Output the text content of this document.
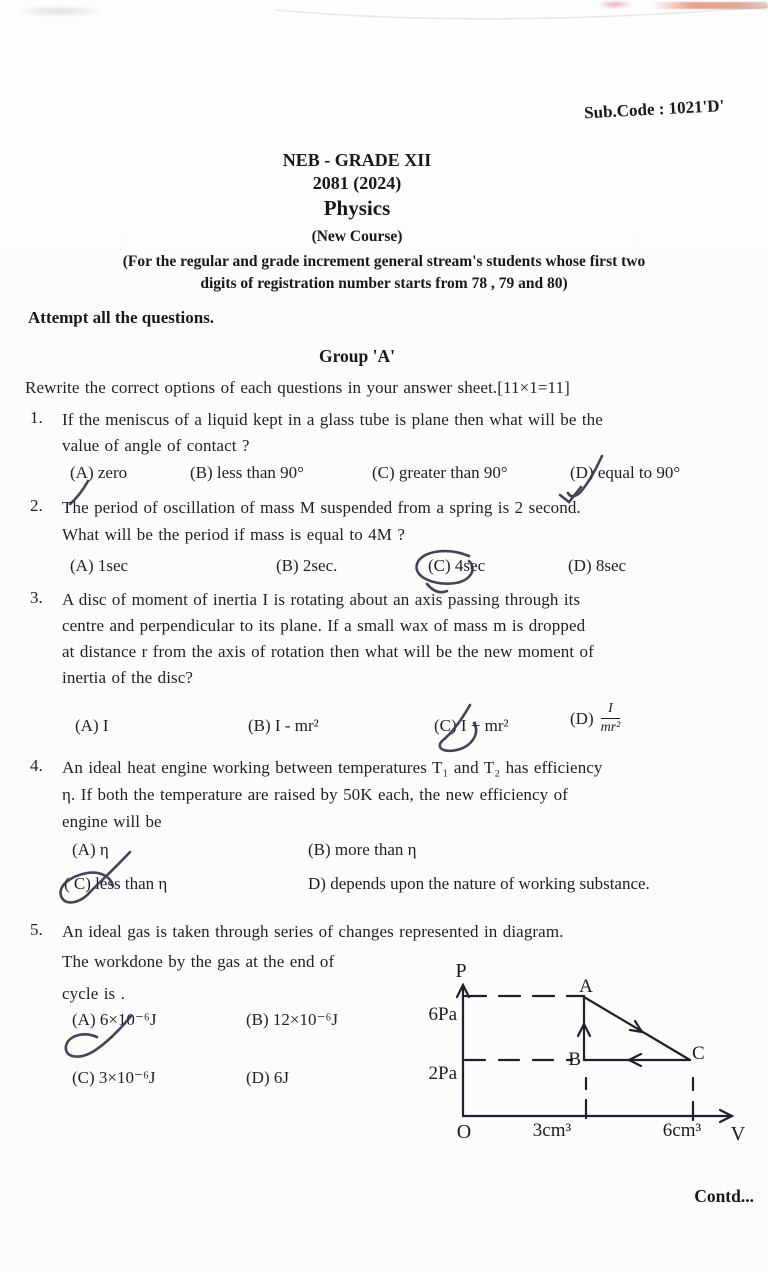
Sub.Code : 1021'D'
NEB - GRADE XII
2081 (2024)
Physics
(New Course)
(For the regular and grade increment general stream's students whose first two
digits of registration number starts from 78 , 79 and 80)
Attempt all the questions.
Group 'A'
Rewrite the correct options of each questions in your answer sheet.[11×1=11]
1. If the meniscus of a liquid kept in a glass tube is plane then what will be the
value of angle of contact ?
(A) zero	(B) less than 90°	(C) greater than 90°	(D) equal to 90°
2. The period of oscillation of mass M suspended from a spring is 2 second.
What will be the period if mass is equal to 4M ?
(A) 1sec	(B) 2sec.	(C) 4sec	(D) 8sec
3. A disc of moment of inertia I is rotating about an axis passing through its
centre and perpendicular to its plane. If a small wax of mass m is dropped
at distance r from the axis of rotation then what will be the new moment of
inertia of the disc?
(A) I	(B) I - mr²	(C) I + mr²	$(D) \frac{I}{\text{mr²}}$
4. An ideal heat engine working between temperatures T₁ and T₂ has efficiency
η. If both the temperature are raised by 50K each, the new efficiency of
engine will be
(A) η	(B) more than η
( C) less than η	D) depends upon the nature of working substance.
5. An ideal gas is taken through series of changes represented in diagram.
The workdone by the gas at the end of
cycle is .
(A) 6×10⁻⁶J	(B) 12×10⁻⁶J
(C) 3×10⁻⁶J	(D) 6J
P
V
6Pa
2Pa
O	3cm³	6cm³
A
B	C
Contd...
